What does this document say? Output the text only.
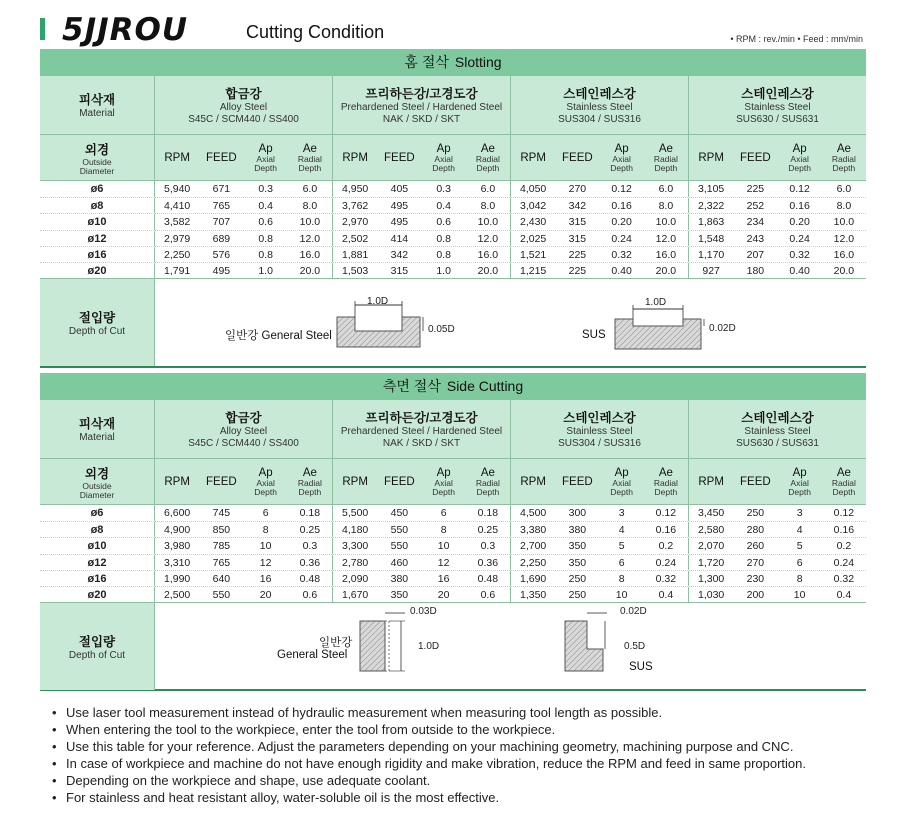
5JJROU	Cutting Condition	• RPM : rev./min • Feed : mm/min
홈 절삭 Slotting
피삭재
Material
합금강
Alloy Steel
S45C / SCM440 / SS400
프리하든강/고경도강
Prehardened Steel / Hardened Steel
NAK / SKD / SKT
스테인레스강
Stainless Steel
SUS304 / SUS316
스테인레스강
Stainless Steel
SUS630 / SUS631
외경
Outside
Diameter
RPM FEED
Ap
Axial
Depth
Ae
Radial
Depth
RPM FEED
Ap
Axial
Depth
Ae
Radial
Depth
RPM FEED
Ap
Axial
Depth
Ae
Radial
Depth
RPM FEED
Ap
Axial
Depth
Ae
Radial
Depth
ø6	5,940	671	0.3	6.0	4,950	405	0.3	6.0	4,050	270	0.12	6.0	3,105	225	0.12	6.0
ø8	4,410	765	0.4	8.0	3,762	495	0.4	8.0	3,042	342	0.16	8.0	2,322	252	0.16	8.0
ø10	3,582	707	0.6	10.0	2,970	495	0.6	10.0	2,430	315	0.20	10.0	1,863	234	0.20	10.0
ø12	2,979	689	0.8	12.0	2,502	414	0.8	12.0	2,025	315	0.24	12.0	1,548	243	0.24	12.0
ø16	2,250	576	0.8	16.0	1,881	342	0.8	16.0	1,521	225	0.32	16.0	1,170	207	0.32	16.0
ø20	1,791	495	1.0	20.0	1,503	315	1.0	20.0	1,215	225	0.40	20.0	927	180	0.40	20.0
절입량
Depth of Cut	일반강 General Steel
1.0D
0.05D	SUS
1.0D
0.02D
측면 절삭 Side Cutting
피삭재
Material
합금강
Alloy Steel
S45C / SCM440 / SS400
프리하든강/고경도강
Prehardened Steel / Hardened Steel
NAK / SKD / SKT
스테인레스강
Stainless Steel
SUS304 / SUS316
스테인레스강
Stainless Steel
SUS630 / SUS631
외경
Outside
Diameter
RPM FEED
Ap
Axial
Depth
Ae
Radial
Depth
RPM FEED
Ap
Axial
Depth
Ae
Radial
Depth
RPM FEED
Ap
Axial
Depth
Ae
Radial
Depth
RPM FEED
Ap
Axial
Depth
Ae
Radial
Depth
ø6	6,600	745	6	0.18	5,500	450	6	0.18	4,500	300	3	0.12	3,450	250	3	0.12
ø8	4,900	850	8	0.25	4,180	550	8	0.25	3,380	380	4	0.16	2,580	280	4	0.16
ø10	3,980	785	10	0.3	3,300	550	10	0.3	2,700	350	5	0.2	2,070	260	5	0.2
ø12	3,310	765	12	0.36	2,780	460	12	0.36	2,250	350	6	0.24	1,720	270	6	0.24
ø16	1,990	640	16	0.48	2,090	380	16	0.48	1,690	250	8	0.32	1,300	230	8	0.32
ø20	2,500	550	20	0.6	1,670	350	20	0.6	1,350	250	10	0.4	1,030	200	10	0.4
절입량
Depth of Cut
일반강
General Steel
0.03D
1.0D
0.02D
0.5D
SUS
• Use laser tool measurement instead of hydraulic measurement when measuring tool length as possible.
• When entering the tool to the workpiece, enter the tool from outside to the workpiece.
• Use this table for your reference. Adjust the parameters depending on your machining geometry, machining purpose and CNC.
• In case of workpiece and machine do not have enough rigidity and make vibration, reduce the RPM and feed in same proportion.
• Depending on the workpiece and shape, use adequate coolant.
• For stainless and heat resistant alloy, water-soluble oil is the most effective.
